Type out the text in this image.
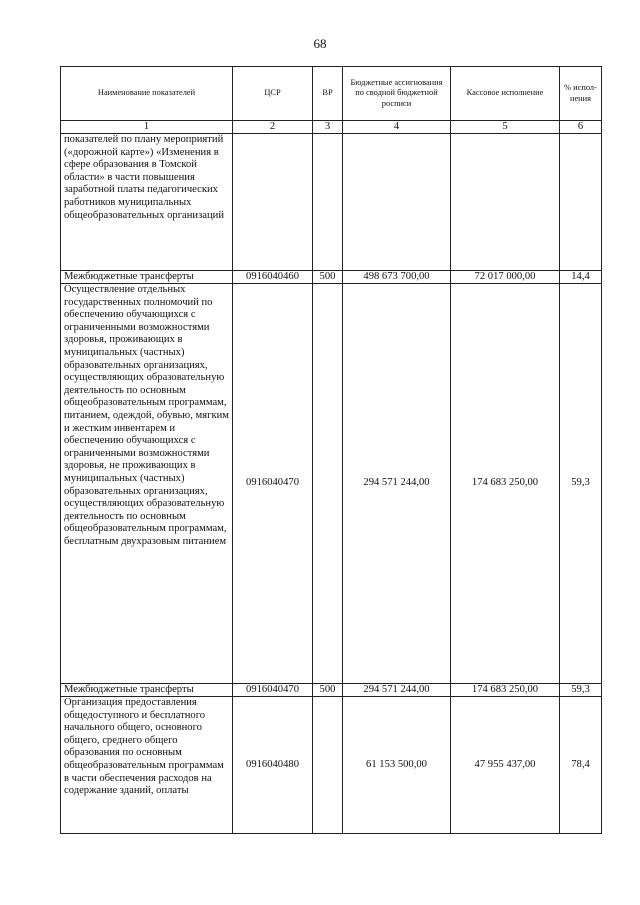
68
Наименование показателей	ЦСР	ВР	Бюджетные ассигнования по сводной бюджетной росписи	Кассовое исполнение	% испол-нения
1	2	3	4	5	6
показателей по плану мероприятий («дорожной карте») «Изменения в сфере образования в Томской области» в части повышения заработной платы педагогических работников муниципальных общеобразовательных организаций					
Межбюджетные трансферты	0916040460	500	498 673 700,00	72 017 000,00	14,4
Осуществление отдельных государственных полномочий по обеспечению обучающихся с ограниченными возможностями здоровья, проживающих в муниципальных (частных) образовательных организациях, осуществляющих образовательную деятельность по основным общеобразовательным программам, питанием, одеждой, обувью, мягким и жестким инвентарем и обеспечению обучающихся с ограниченными возможностями здоровья, не проживающих в муниципальных (частных) образовательных организациях, осуществляющих образовательную деятельность по основным общеобразовательным программам, бесплатным двухразовым питанием	0916040470		294 571 244,00	174 683 250,00	59,3
Межбюджетные трансферты	0916040470	500	294 571 244,00	174 683 250,00	59,3
Организация предоставления общедоступного и бесплатного начального общего, основного общего, среднего общего образования по основным общеобразовательным программам в части обеспечения расходов на содержание зданий, оплаты	0916040480		61 153 500,00	47 955 437,00	78,4
